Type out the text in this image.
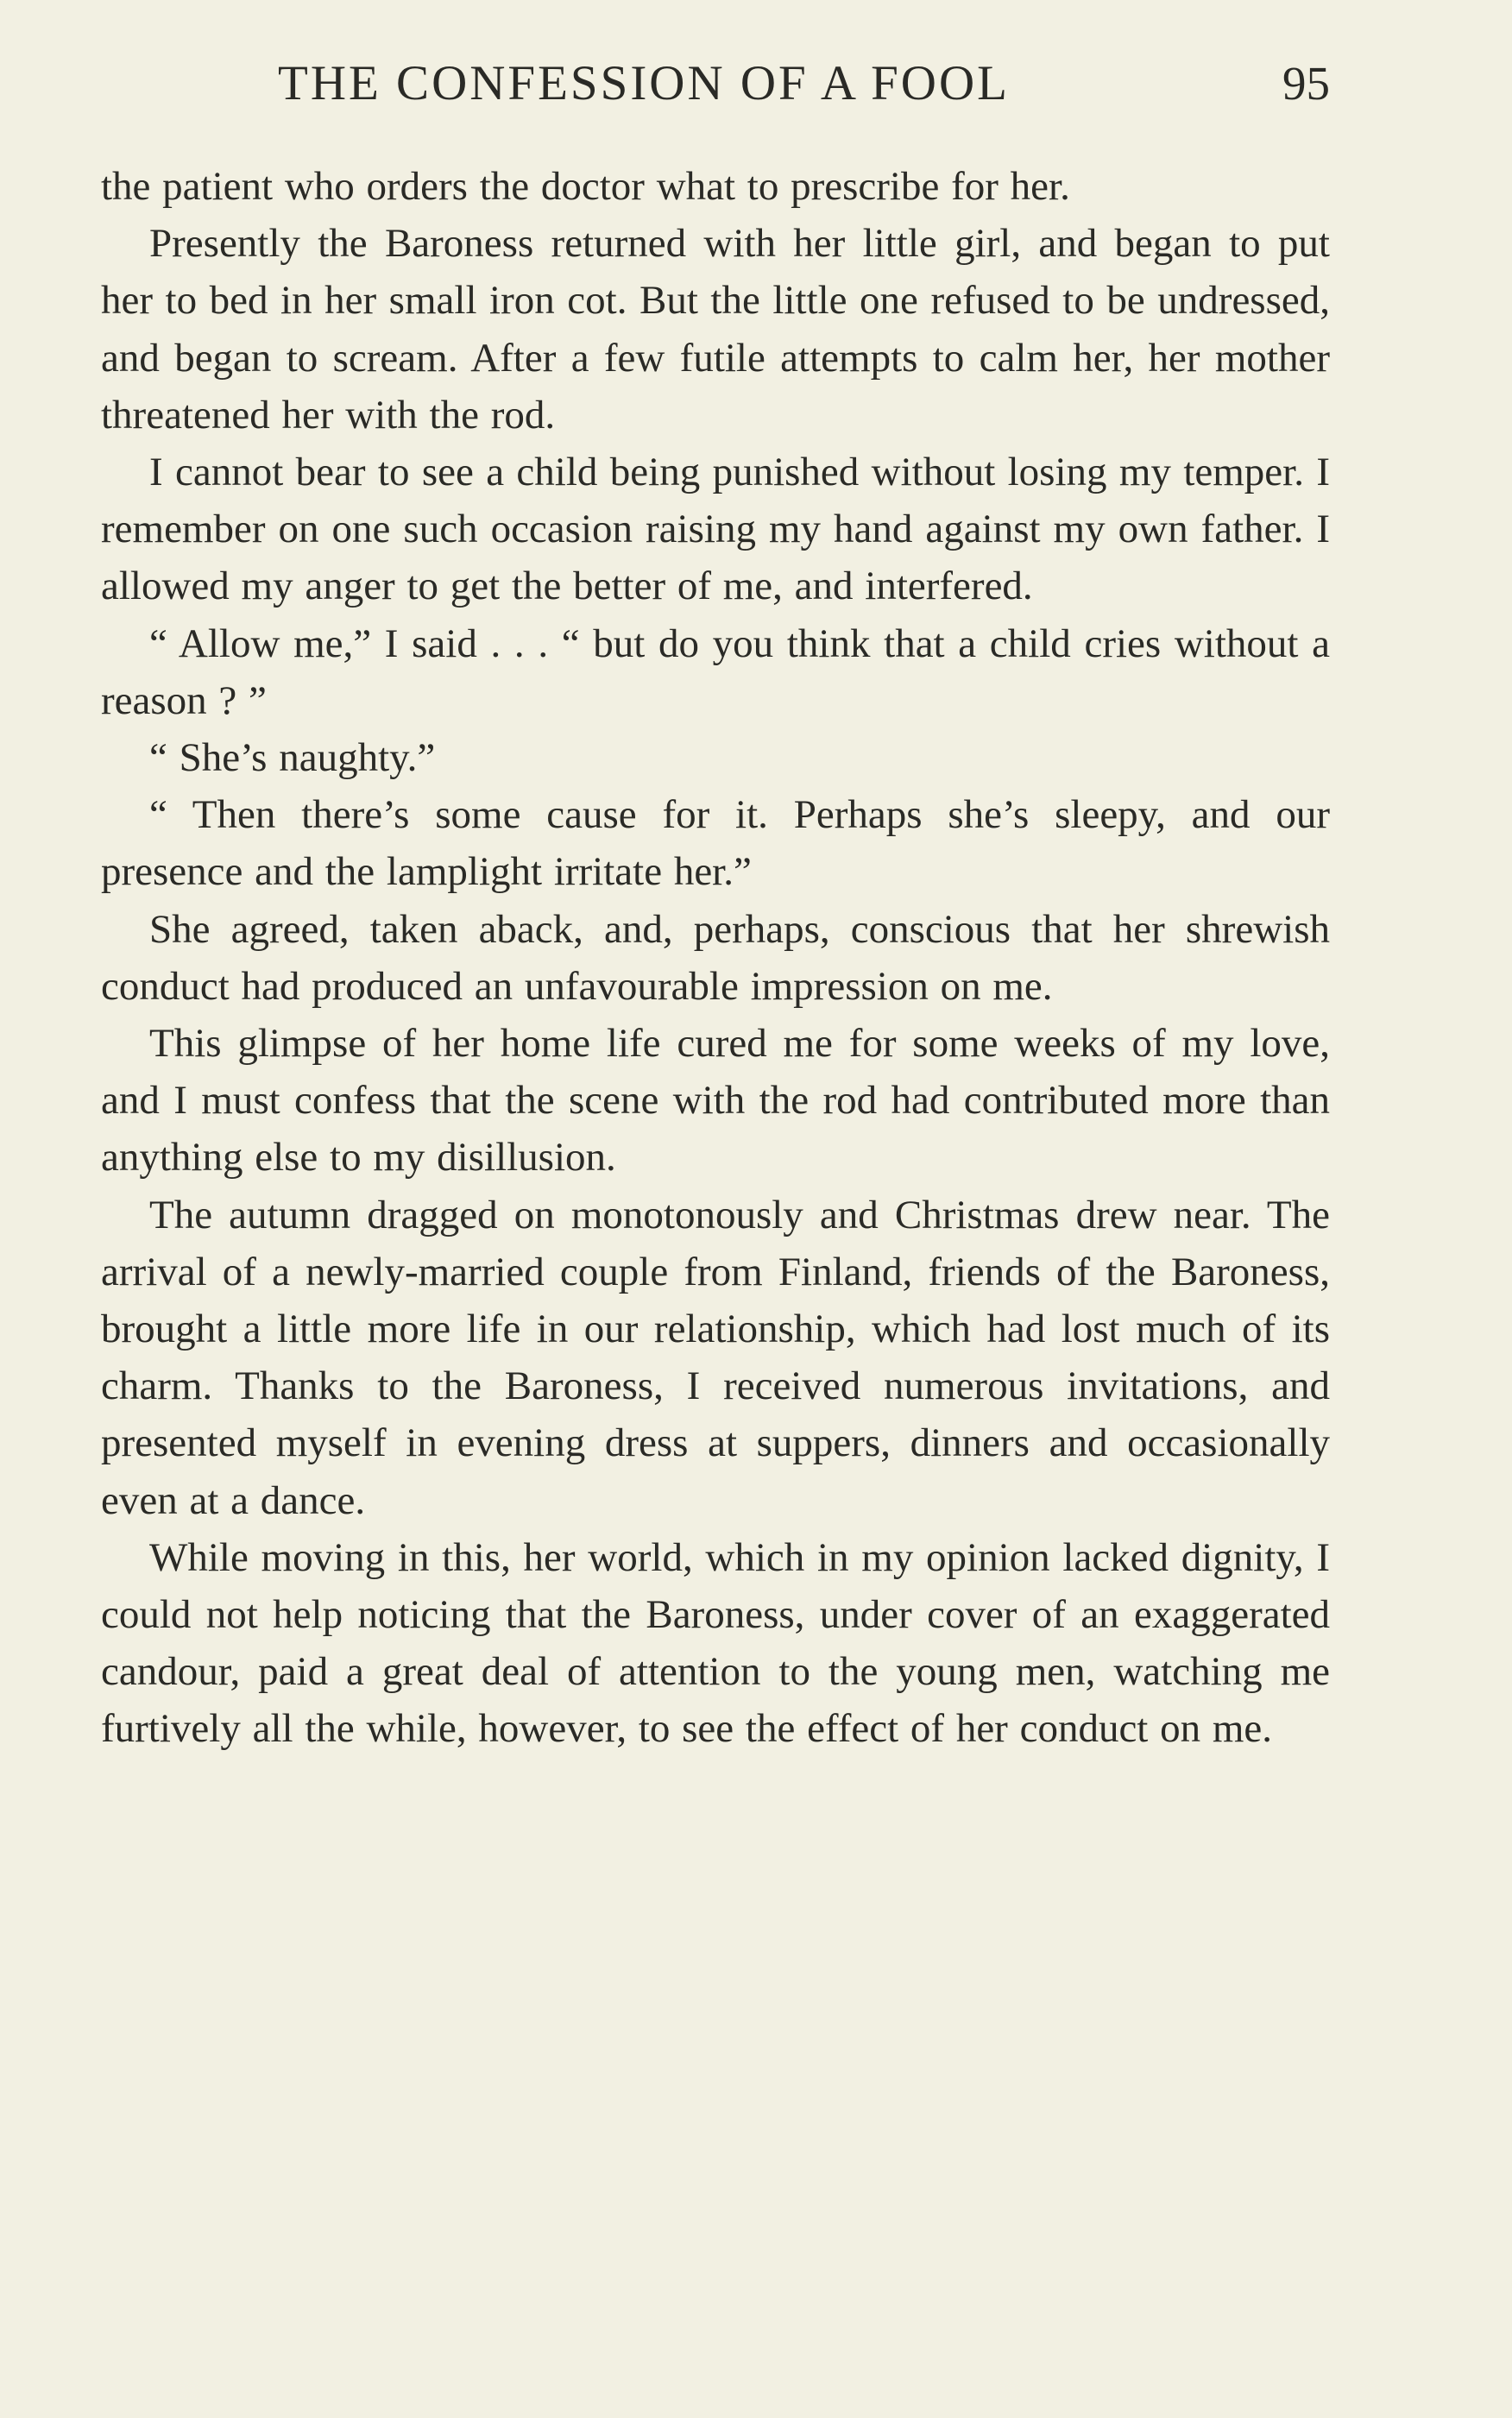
THE CONFESSION OF A FOOL	95

the patient who orders the doctor what to prescribe for her.

Presently the Baroness returned with her little girl, and began to put her to bed in her small iron cot. But the little one refused to be undressed, and began to scream. After a few futile attempts to calm her, her mother threatened her with the rod.

I cannot bear to see a child being punished without losing my temper. I remember on one such occasion raising my hand against my own father. I allowed my anger to get the better of me, and interfered.

“ Allow me,” I said . . . “ but do you think that a child cries without a reason ? ”

“ She’s naughty.”

“ Then there’s some cause for it. Perhaps she’s sleepy, and our presence and the lamplight irritate her.”

She agreed, taken aback, and, perhaps, conscious that her shrewish conduct had produced an unfavourable impression on me.

This glimpse of her home life cured me for some weeks of my love, and I must confess that the scene with the rod had contributed more than anything else to my disillusion.

The autumn dragged on monotonously and Christmas drew near. The arrival of a newly-married couple from Finland, friends of the Baroness, brought a little more life in our relationship, which had lost much of its charm. Thanks to the Baroness, I received numerous invitations, and presented myself in evening dress at suppers, dinners and occasionally even at a dance.

While moving in this, her world, which in my opinion lacked dignity, I could not help noticing that the Baroness, under cover of an exaggerated candour, paid a great deal of attention to the young men, watching me furtively all the while, however, to see the effect of her conduct on me.
